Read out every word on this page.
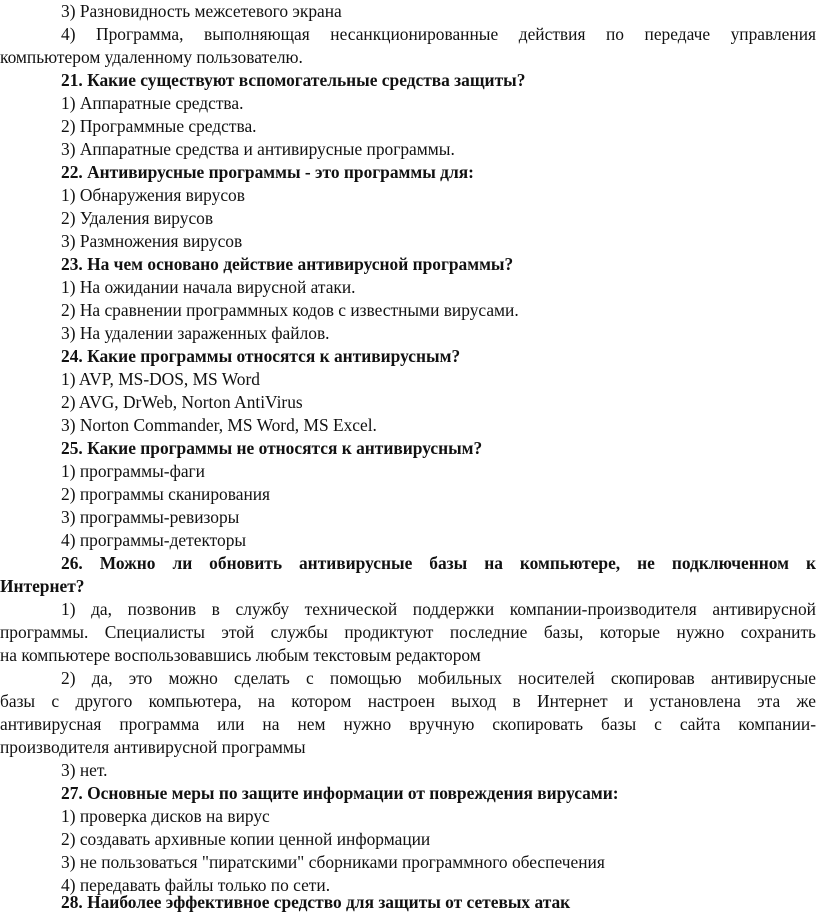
3) Разновидность межсетевого экрана
4) Программа, выполняющая несанкционированные действия по передаче управления
компьютером удаленному пользователю.
21. Какие существуют вспомогательные средства защиты?
1) Аппаратные средства.
2) Программные средства.
3) Аппаратные средства и антивирусные программы.
22. Антивирусные программы - это программы для:
1) Обнаружения вирусов
2) Удаления вирусов
3) Размножения вирусов
23. На чем основано действие антивирусной программы?
1) На ожидании начала вирусной атаки.
2) На сравнении программных кодов с известными вирусами.
3) На удалении зараженных файлов.
24. Какие программы относятся к антивирусным?
1) AVP, MS-DOS, MS Word
2) AVG, DrWeb, Norton AntiVirus
3) Norton Commander, MS Word, MS Excel.
25. Какие программы не относятся к антивирусным?
1) программы-фаги
2) программы сканирования
3) программы-ревизоры
4) программы-детекторы
26. Можно ли обновить антивирусные базы на компьютере, не подключенном к
Интернет?
1) да, позвонив в службу технической поддержки компании-производителя антивирусной
программы. Специалисты этой службы продиктуют последние базы, которые нужно сохранить
на компьютере воспользовавшись любым текстовым редактором
2) да, это можно сделать с помощью мобильных носителей скопировав антивирусные
базы с другого компьютера, на котором настроен выход в Интернет и установлена эта же
антивирусная программа или на нем нужно вручную скопировать базы с сайта компании-
производителя антивирусной программы
3) нет.
27. Основные меры по защите информации от повреждения вирусами:
1) проверка дисков на вирус
2) создавать архивные копии ценной информации
3) не пользоваться "пиратскими" сборниками программного обеспечения
4) передавать файлы только по сети.
28. Наиболее эффективное средство для защиты от сетевых атак
